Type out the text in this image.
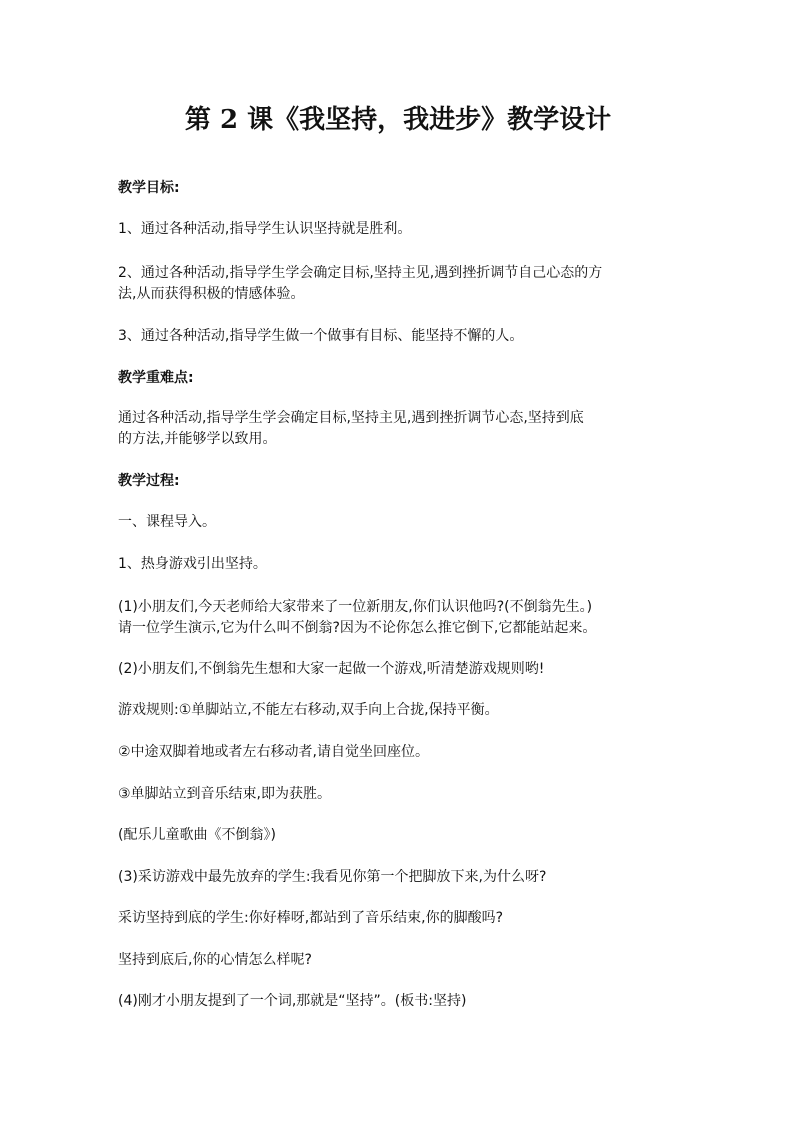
第 2 课《我坚持，我进步》教学设计
教学目标:
1、通过各种活动,指导学生认识坚持就是胜利。
2、通过各种活动,指导学生学会确定目标,坚持主见,遇到挫折调节自己心态的方
法,从而获得积极的情感体验。
3、通过各种活动,指导学生做一个做事有目标、能坚持不懈的人。
教学重难点:
通过各种活动,指导学生学会确定目标,坚持主见,遇到挫折调节心态,坚持到底
的方法,并能够学以致用。
教学过程:
一、课程导入。
1、热身游戏引出坚持。
(1)小朋友们,今天老师给大家带来了一位新朋友,你们认识他吗?(不倒翁先生。)
请一位学生演示,它为什么叫不倒翁?因为不论你怎么推它倒下,它都能站起来。
(2)小朋友们,不倒翁先生想和大家一起做一个游戏,听清楚游戏规则哟!
游戏规则:①单脚站立,不能左右移动,双手向上合拢,保持平衡。
②中途双脚着地或者左右移动者,请自觉坐回座位。
③单脚站立到音乐结束,即为获胜。
(配乐儿童歌曲《不倒翁》)
(3)采访游戏中最先放弃的学生:我看见你第一个把脚放下来,为什么呀?
采访坚持到底的学生:你好棒呀,都站到了音乐结束,你的脚酸吗?
坚持到底后,你的心情怎么样呢?
(4)刚才小朋友提到了一个词,那就是“坚持”。(板书:坚持)
